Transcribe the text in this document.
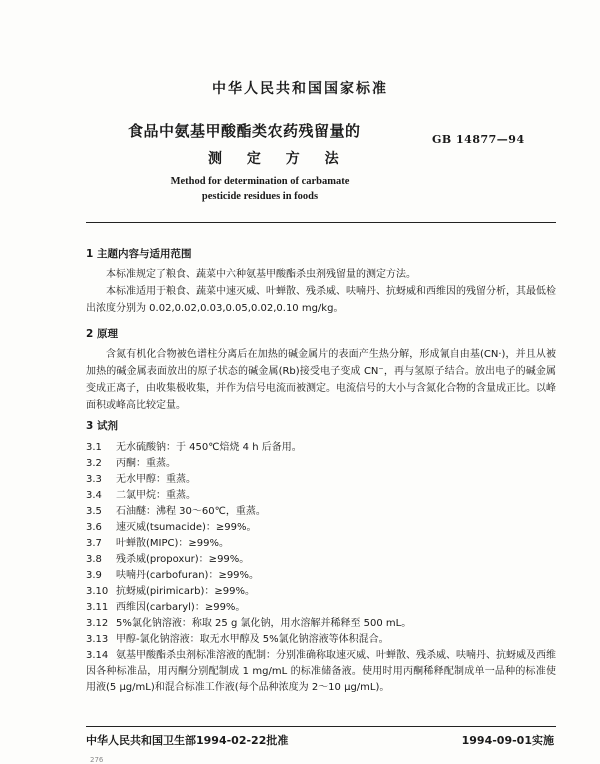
中华人民共和国国家标准
食品中氨基甲酸酯类农药残留量的
测 定 方 法
GB 14877—94
Method for determination of carbamate
pesticide residues in foods
1 主题内容与适用范围

本标准规定了粮食、蔬菜中六种氨基甲酸酯杀虫剂残留量的测定方法。

本标准适用于粮食、蔬菜中速灭威、叶蝉散、残杀威、呋喃丹、抗蚜威和西维因的残留分析，其最低检出浓度分别为 0.02,0.02,0.03,0.05,0.02,0.10 mg/kg。

2 原理

含氮有机化合物被色谱柱分离后在加热的碱金属片的表面产生热分解，形成氰自由基(CN·)，并且从被加热的碱金属表面放出的原子状态的碱金属(Rb)接受电子变成 CN⁻，再与氢原子结合。放出电子的碱金属变成正离子，由收集极收集，并作为信号电流而被测定。电流信号的大小与含氮化合物的含量成正比。以峰面积或峰高比较定量。

3 试剂
3.1 无水硫酸钠：于 450℃焙烧 4 h 后备用。
3.2 丙酮：重蒸。
3.3 无水甲醇：重蒸。
3.4 二氯甲烷：重蒸。
3.5 石油醚：沸程 30～60℃，重蒸。
3.6 速灭威(tsumacide)：≥99%。
3.7 叶蝉散(MIPC)：≥99%。
3.8 残杀威(propoxur)：≥99%。
3.9 呋喃丹(carbofuran)：≥99%。
3.10 抗蚜威(pirimicarb)：≥99%。
3.11 西维因(carbaryl)：≥99%。
3.12 5%氯化钠溶液：称取 25 g 氯化钠，用水溶解并稀释至 500 mL。
3.13 甲醇-氯化钠溶液：取无水甲醇及 5%氯化钠溶液等体积混合。
3.14 氨基甲酸酯杀虫剂标准溶液的配制：分别准确称取速灭威、叶蝉散、残杀威、呋喃丹、抗蚜威及西维因各种标准品，用丙酮分别配制成 1 mg/mL 的标准储备液。使用时用丙酮稀释配制成单一品种的标准使用液(5 μg/mL)和混合标准工作液(每个品种浓度为 2～10 μg/mL)。
中华人民共和国卫生部1994-02-22批准	1994-09-01实施
276
